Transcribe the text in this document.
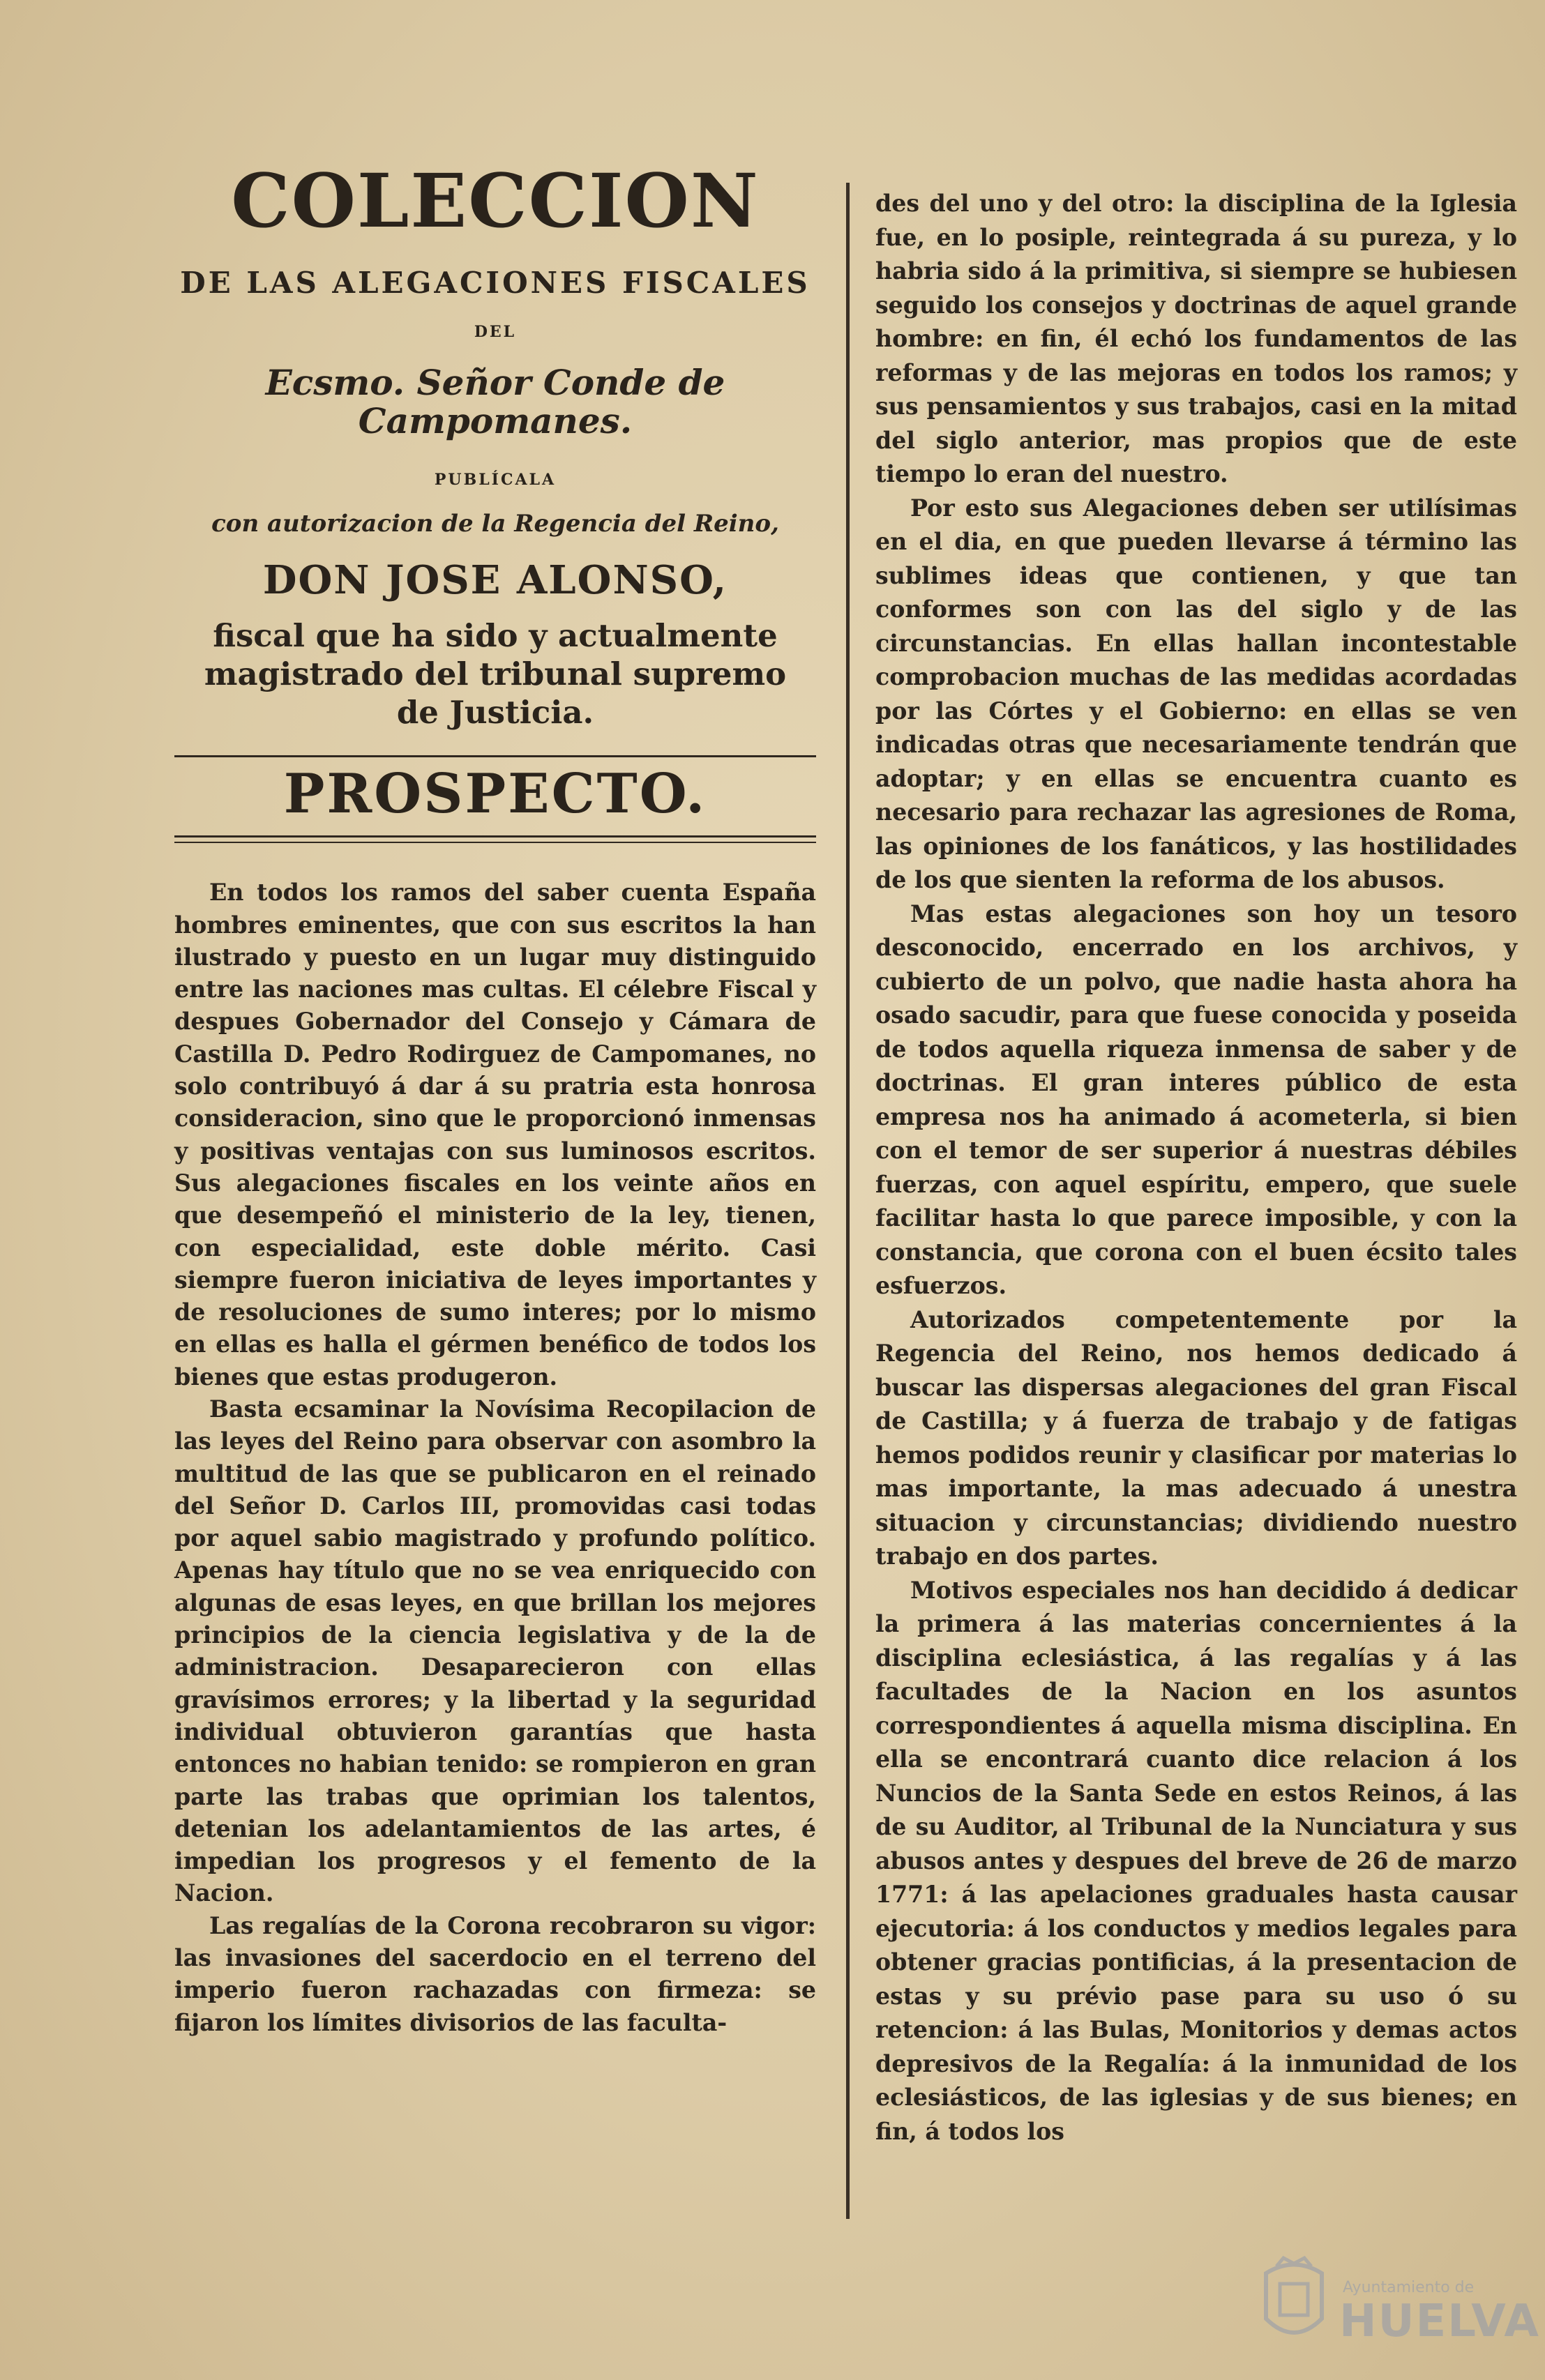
COLECCION
DE LAS ALEGACIONES FISCALES
DEL
Ecsmo. Señor Conde de Campomanes.
PUBLÍCALA
con autorizacion de la Regencia del Reino,
DON JOSE ALONSO,
fiscal que ha sido y actualmente magistrado del tribunal supremo de Justicia.
PROSPECTO.

En todos los ramos del saber cuenta España hombres eminentes, que con sus escritos la han ilustrado y puesto en un lugar muy distinguido entre las naciones mas cultas. El célebre Fiscal y despues Gobernador del Consejo y Cámara de Castilla D. Pedro Rodirguez de Campomanes, no solo contribuyó á dar á su pratria esta honrosa consideracion, sino que le proporcionó inmensas y positivas ventajas con sus luminosos escritos. Sus alegaciones fiscales en los veinte años en que desempeñó el ministerio de la ley, tienen, con especialidad, este doble mérito. Casi siempre fueron iniciativa de leyes importantes y de resoluciones de sumo interes; por lo mismo en ellas es halla el gérmen benéfico de todos los bienes que estas produgeron.

Basta ecsaminar la Novísima Recopilacion de las leyes del Reino para observar con asombro la multitud de las que se publicaron en el reinado del Señor D. Carlos III, promovidas casi todas por aquel sabio magistrado y profundo político. Apenas hay título que no se vea enriquecido con algunas de esas leyes, en que brillan los mejores principios de la ciencia legislativa y de la de administracion. Desaparecieron con ellas gravísimos errores; y la libertad y la seguridad individual obtuvieron garantías que hasta entonces no habian tenido: se rompieron en gran parte las trabas que oprimian los talentos, detenian los adelantamientos de las artes, é impedian los progresos y el femento de la Nacion.

Las regalías de la Corona recobraron su vigor: las invasiones del sacerdocio en el terreno del imperio fueron rachazadas con firmeza: se fijaron los límites divisorios de las faculta-

des del uno y del otro: la disciplina de la Iglesia fue, en lo posiple, reintegrada á su pureza, y lo habria sido á la primitiva, si siempre se hubiesen seguido los consejos y doctrinas de aquel grande hombre: en fin, él echó los fundamentos de las reformas y de las mejoras en todos los ramos; y sus pensamientos y sus trabajos, casi en la mitad del siglo anterior, mas propios que de este tiempo lo eran del nuestro.

Por esto sus Alegaciones deben ser utilísimas en el dia, en que pueden llevarse á término las sublimes ideas que contienen, y que tan conformes son con las del siglo y de las circunstancias. En ellas hallan incontestable comprobacion muchas de las medidas acordadas por las Córtes y el Gobierno: en ellas se ven indicadas otras que necesariamente tendrán que adoptar; y en ellas se encuentra cuanto es necesario para rechazar las agresiones de Roma, las opiniones de los fanáticos, y las hostilidades de los que sienten la reforma de los abusos.

Mas estas alegaciones son hoy un tesoro desconocido, encerrado en los archivos, y cubierto de un polvo, que nadie hasta ahora ha osado sacudir, para que fuese conocida y poseida de todos aquella riqueza inmensa de saber y de doctrinas. El gran interes público de esta empresa nos ha animado á acometerla, si bien con el temor de ser superior á nuestras débiles fuerzas, con aquel espíritu, empero, que suele facilitar hasta lo que parece imposible, y con la constancia, que corona con el buen écsito tales esfuerzos.

Autorizados competentemente por la Regencia del Reino, nos hemos dedicado á buscar las dispersas alegaciones del gran Fiscal de Castilla; y á fuerza de trabajo y de fatigas hemos podidos reunir y clasificar por materias lo mas importante, la mas adecuado á unestra situacion y circunstancias; dividiendo nuestro trabajo en dos partes.

Motivos especiales nos han decidido á dedicar la primera á las materias concernientes á la disciplina eclesiástica, á las regalías y á las facultades de la Nacion en los asuntos correspondientes á aquella misma disciplina. En ella se encontrará cuanto dice relacion á los Nuncios de la Santa Sede en estos Reinos, á las de su Auditor, al Tribunal de la Nunciatura y sus abusos antes y despues del breve de 26 de marzo 1771: á las apelaciones graduales hasta causar ejecutoria: á los conductos y medios legales para obtener gracias pontificias, á la presentacion de estas y su prévio pase para su uso ó su retencion: á las Bulas, Monitorios y demas actos depresivos de la Regalía: á la inmunidad de los eclesiásticos, de las iglesias y de sus bienes; en fin, á todos los

Ayuntamiento de
HUELVA
